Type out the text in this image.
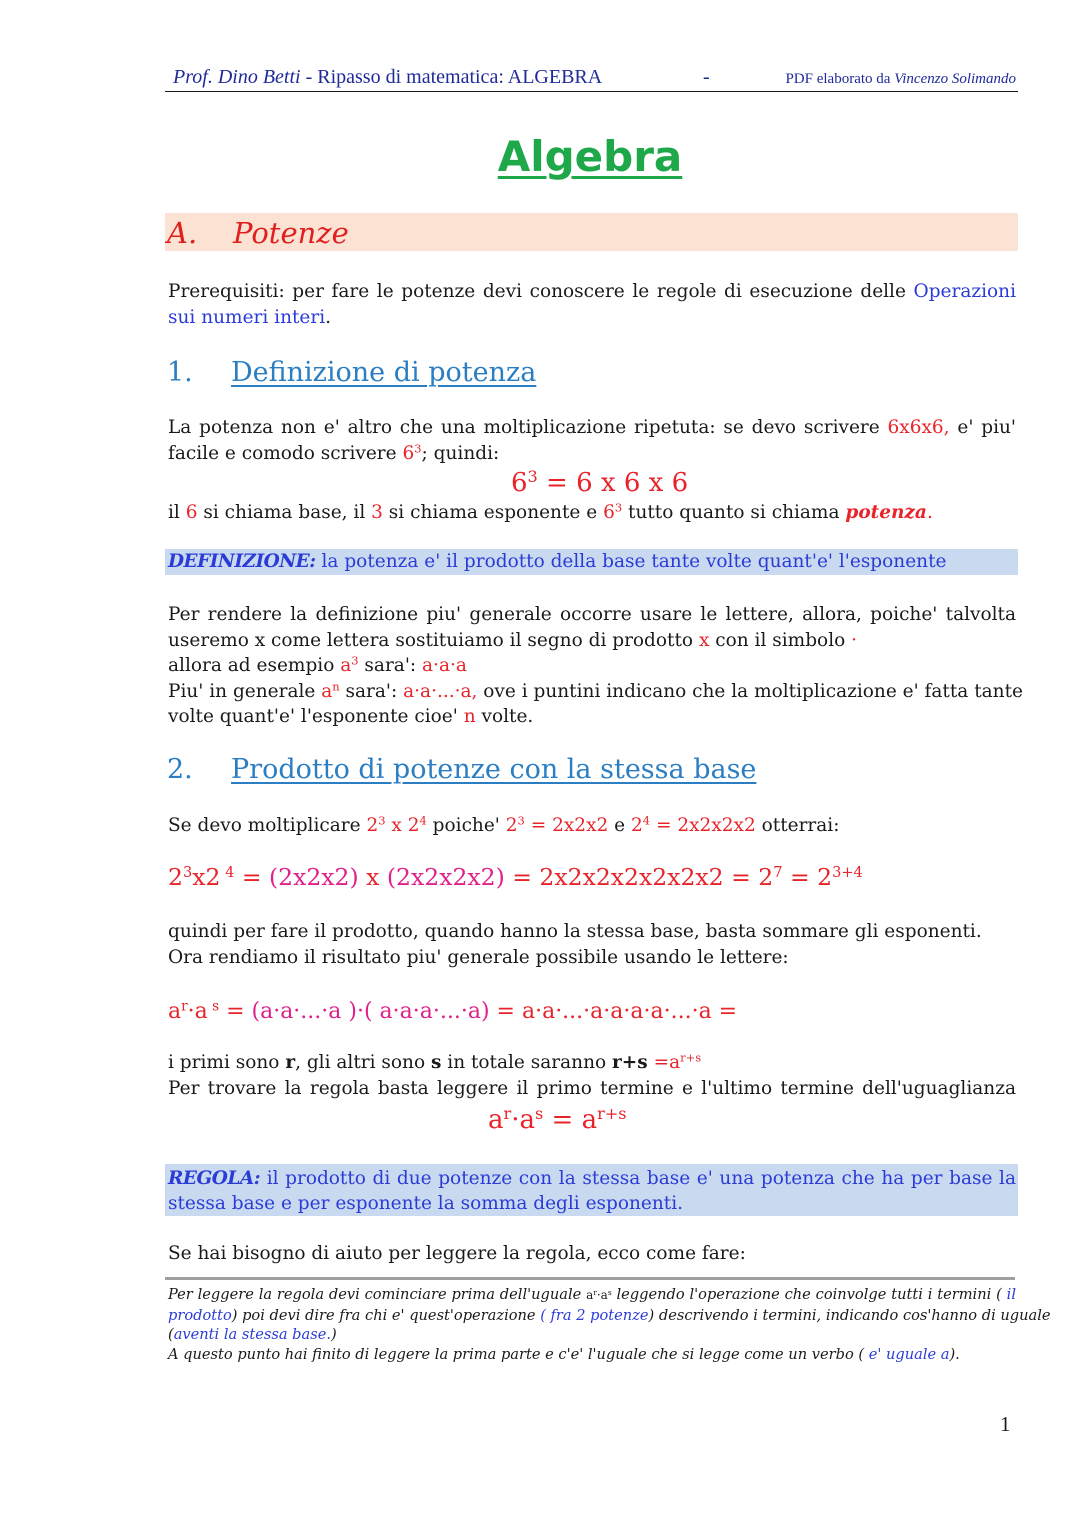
Prof. Dino Betti - Ripasso di matematica: ALGEBRA	-	PDF elaborato da Vincenzo Solimando
Algebra
A. Potenze
Prerequisiti: per fare le potenze devi conoscere le regole di esecuzione delle Operazioni sui numeri interi.
1. Definizione di potenza
La potenza non e' altro che una moltiplicazione ripetuta: se devo scrivere 6x6x6, e' piu' facile e comodo scrivere $6^3$; quindi:
$6^3 = 6$ x 6 x 6
il 6 si chiama base, il 3 si chiama esponente e $6^3$ tutto quanto si chiama potenza.
DEFINIZIONE: la potenza e' il prodotto della base tante volte quant'e' l'esponente
Per rendere la definizione piu' generale occorre usare le lettere, allora, poiche' talvolta
useremo x come lettera sostituiamo il segno di prodotto x con il simbolo ·
allora ad esempio $a^3$ sara': a·a·a
Piu' in generale $a^n$ sara': a·a·...·a, ove i puntini indicano che la moltiplicazione e' fatta tante
volte quant'e' l'esponente cioe' n volte.
2. Prodotto di potenze con la stessa base
Se devo moltiplicare $2^3$ x $2^4$ poiche' $2^3 = 2x2x2$ e $2^4 = 2x2x2x2$ otterrai:
$2^3x2$ $^4$ = (2x2x2) x $(2x2x2x2) = 2x2x2x2x2x2x2 = 2^7 = 2^{3+4}$
quindi per fare il prodotto, quando hanno la stessa base, basta sommare gli esponenti.
Ora rendiamo il risultato piu' generale possibile usando le lettere:
$a^r\cdot a$ $^s$ = (a·a·...·a )·( a·a·a·...·a) = a·a·...·a·a·a·a·...·a =
i primi sono r, gli altri sono s in totale saranno $r+s =a^{r+s}$
Per trovare la regola basta leggere il primo termine e l'ultimo termine dell'uguaglianza
$a^r\cdot a^s = a^{r+s}$
REGOLA: il prodotto di due potenze con la stessa base e' una potenza che ha per base la
stessa base e per esponente la somma degli esponenti.
Se hai bisogno di aiuto per leggere la regola, ecco come fare:
Per leggere la regola devi cominciare prima dell'uguale $a^r\cdot a^s$ leggendo l'operazione che coinvolge tutti i termini ( il
prodotto) poi devi dire fra chi e' quest'operazione ( fra 2 potenze) descrivendo i termini, indicando cos'hanno di uguale
(aventi la stessa base.)
A questo punto hai finito di leggere la prima parte e c'e' l'uguale che si legge come un verbo ( e' uguale a).
1
